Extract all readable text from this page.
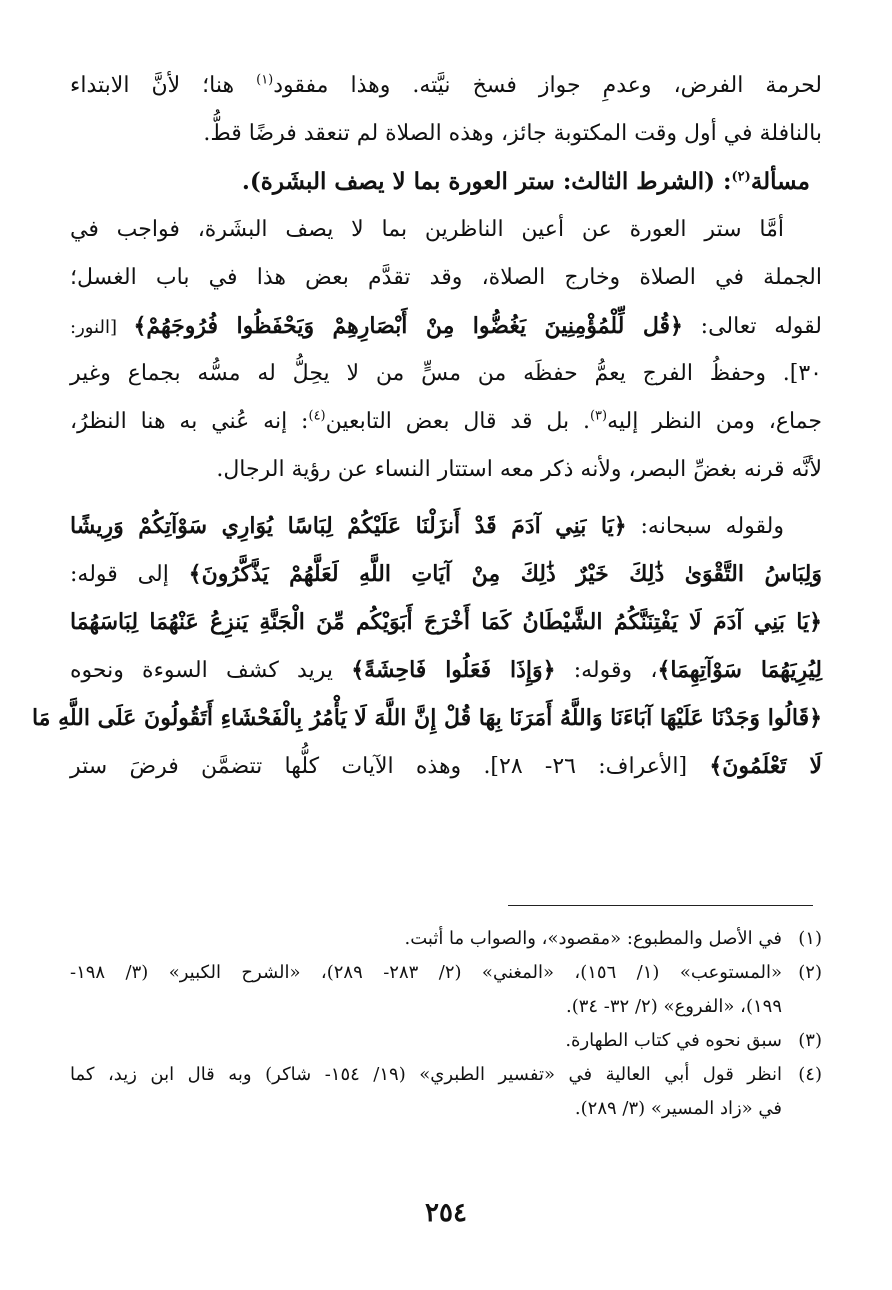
لحرمة الفرض، وعدمِ جواز فسخ نيَّته. وهذا مفقود$^{(١)}$ هنا؛ لأنَّ الابتداء
بالنافلة في أول وقت المكتوبة جائز، وهذه الصلاة لم تنعقد فرضًا قطُّ.
مسألة$^{(٢)}$: (الشرط الثالث: ستر العورة بما لا يصف البشَرة).
أمَّا ستر العورة عن أعين الناظرين بما لا يصف البشَرة، فواجب في
الجملة في الصلاة وخارج الصلاة، وقد تقدَّم بعض هذا في باب الغسل؛
لقوله تعالى: ﴿قُل لِّلْمُؤْمِنِينَ يَغُضُّوا مِنْ أَبْصَارِهِمْ وَيَحْفَظُوا فُرُوجَهُمْ﴾ [النور:
٣٠]. وحفظُ الفرج يعمُّ حفظَه من مسٍّ من لا يحِلُّ له مسُّه بجماع وغير
جماع، ومن النظر إليه$^{(٣)}$. بل قد قال بعض التابعين$^{(٤)}$: إنه عُني به هنا النظرُ،
لأنَّه قرنه بغضِّ البصر، ولأنه ذكر معه استتار النساء عن رؤية الرجال.
ولقوله سبحانه: ﴿يَا بَنِي آدَمَ قَدْ أَنزَلْنَا عَلَيْكُمْ لِبَاسًا يُوَارِي سَوْآتِكُمْ وَرِيشًا
وَلِبَاسُ التَّقْوَىٰ ذَٰلِكَ خَيْرٌ ذَٰلِكَ مِنْ آيَاتِ اللَّهِ لَعَلَّهُمْ يَذَّكَّرُونَ﴾ إلى قوله:
﴿يَا بَنِي آدَمَ لَا يَفْتِنَنَّكُمُ الشَّيْطَانُ كَمَا أَخْرَجَ أَبَوَيْكُم مِّنَ الْجَنَّةِ يَنزِعُ عَنْهُمَا لِبَاسَهُمَا
لِيُرِيَهُمَا سَوْآتِهِمَا﴾، وقوله: ﴿وَإِذَا فَعَلُوا فَاحِشَةً﴾ يريد كشف السوءة ونحوه
﴿قَالُوا وَجَدْنَا عَلَيْهَا آبَاءَنَا وَاللَّهُ أَمَرَنَا بِهَا قُلْ إِنَّ اللَّهَ لَا يَأْمُرُ بِالْفَحْشَاءِ أَتَقُولُونَ عَلَى اللَّهِ مَا
لَا تَعْلَمُونَ﴾ [الأعراف: ٢٦- ٢٨]. وهذه الآيات كلُّها تتضمَّن فرضَ ستر
(١)
في الأصل والمطبوع: «مقصود»، والصواب ما أثبت.
(٢)
«المستوعب» (١/ ١٥٦)، «المغني» (٢/ ٢٨٣- ٢٨٩)، «الشرح الكبير» (٣/ ١٩٨-
١٩٩)، «الفروع» (٢/ ٣٢- ٣٤).
(٣)
سبق نحوه في كتاب الطهارة.
(٤)
انظر قول أبي العالية في «تفسير الطبري» (١٩/ ١٥٤- شاكر) وبه قال ابن زيد، كما
في «زاد المسير» (٣/ ٢٨٩).
٢٥٤
